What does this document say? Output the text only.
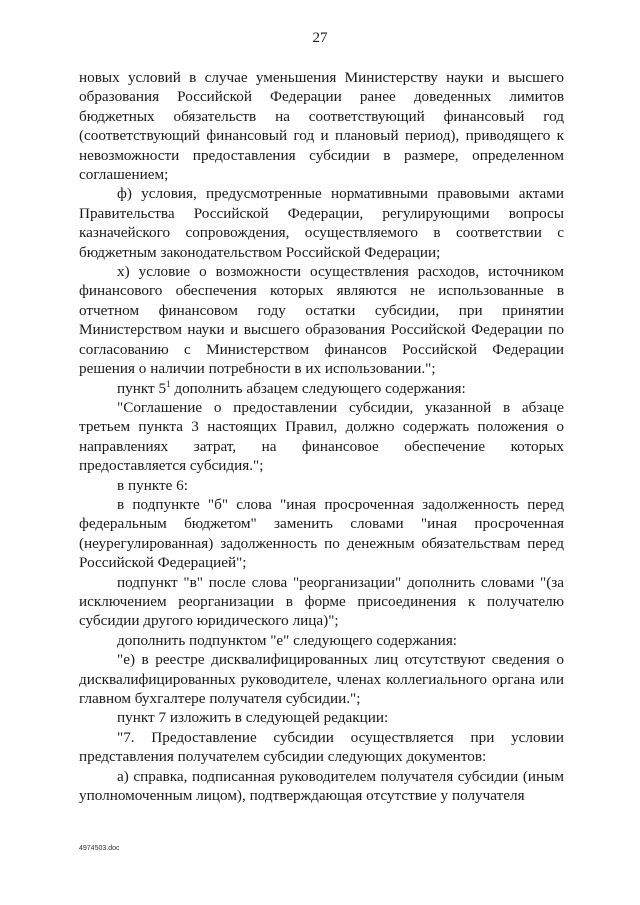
27

новых условий в случае уменьшения Министерству науки и высшего образования Российской Федерации ранее доведенных лимитов бюджетных обязательств на соответствующий финансовый год (соответствующий финансовый год и плановый период), приводящего к невозможности предоставления субсидии в размере, определенном соглашением;

ф) условия, предусмотренные нормативными правовыми актами Правительства Российской Федерации, регулирующими вопросы казначейского сопровождения, осуществляемого в соответствии с бюджетным законодательством Российской Федерации;

х) условие о возможности осуществления расходов, источником финансового обеспечения которых являются не использованные в отчетном финансовом году остатки субсидии, при принятии Министерством науки и высшего образования Российской Федерации по согласованию с Министерством финансов Российской Федерации решения о наличии потребности в их использовании.";

пункт $5^1$ дополнить абзацем следующего содержания:

"Соглашение о предоставлении субсидии, указанной в абзаце третьем пункта 3 настоящих Правил, должно содержать положения о направлениях затрат, на финансовое обеспечение которых предоставляется субсидия.";

в пункте 6:

в подпункте "б" слова "иная просроченная задолженность перед федеральным бюджетом" заменить словами "иная просроченная (неурегулированная) задолженность по денежным обязательствам перед Российской Федерацией";

подпункт "в" после слова "реорганизации" дополнить словами "(за исключением реорганизации в форме присоединения к получателю субсидии другого юридического лица)";

дополнить подпунктом "е" следующего содержания:

"е) в реестре дисквалифицированных лиц отсутствуют сведения о дисквалифицированных руководителе, членах коллегиального органа или главном бухгалтере получателя субсидии.";

пункт 7 изложить в следующей редакции:

"7. Предоставление субсидии осуществляется при условии представления получателем субсидии следующих документов:

а) справка, подписанная руководителем получателя субсидии (иным уполномоченным лицом), подтверждающая отсутствие у получателя

4974503.doc
